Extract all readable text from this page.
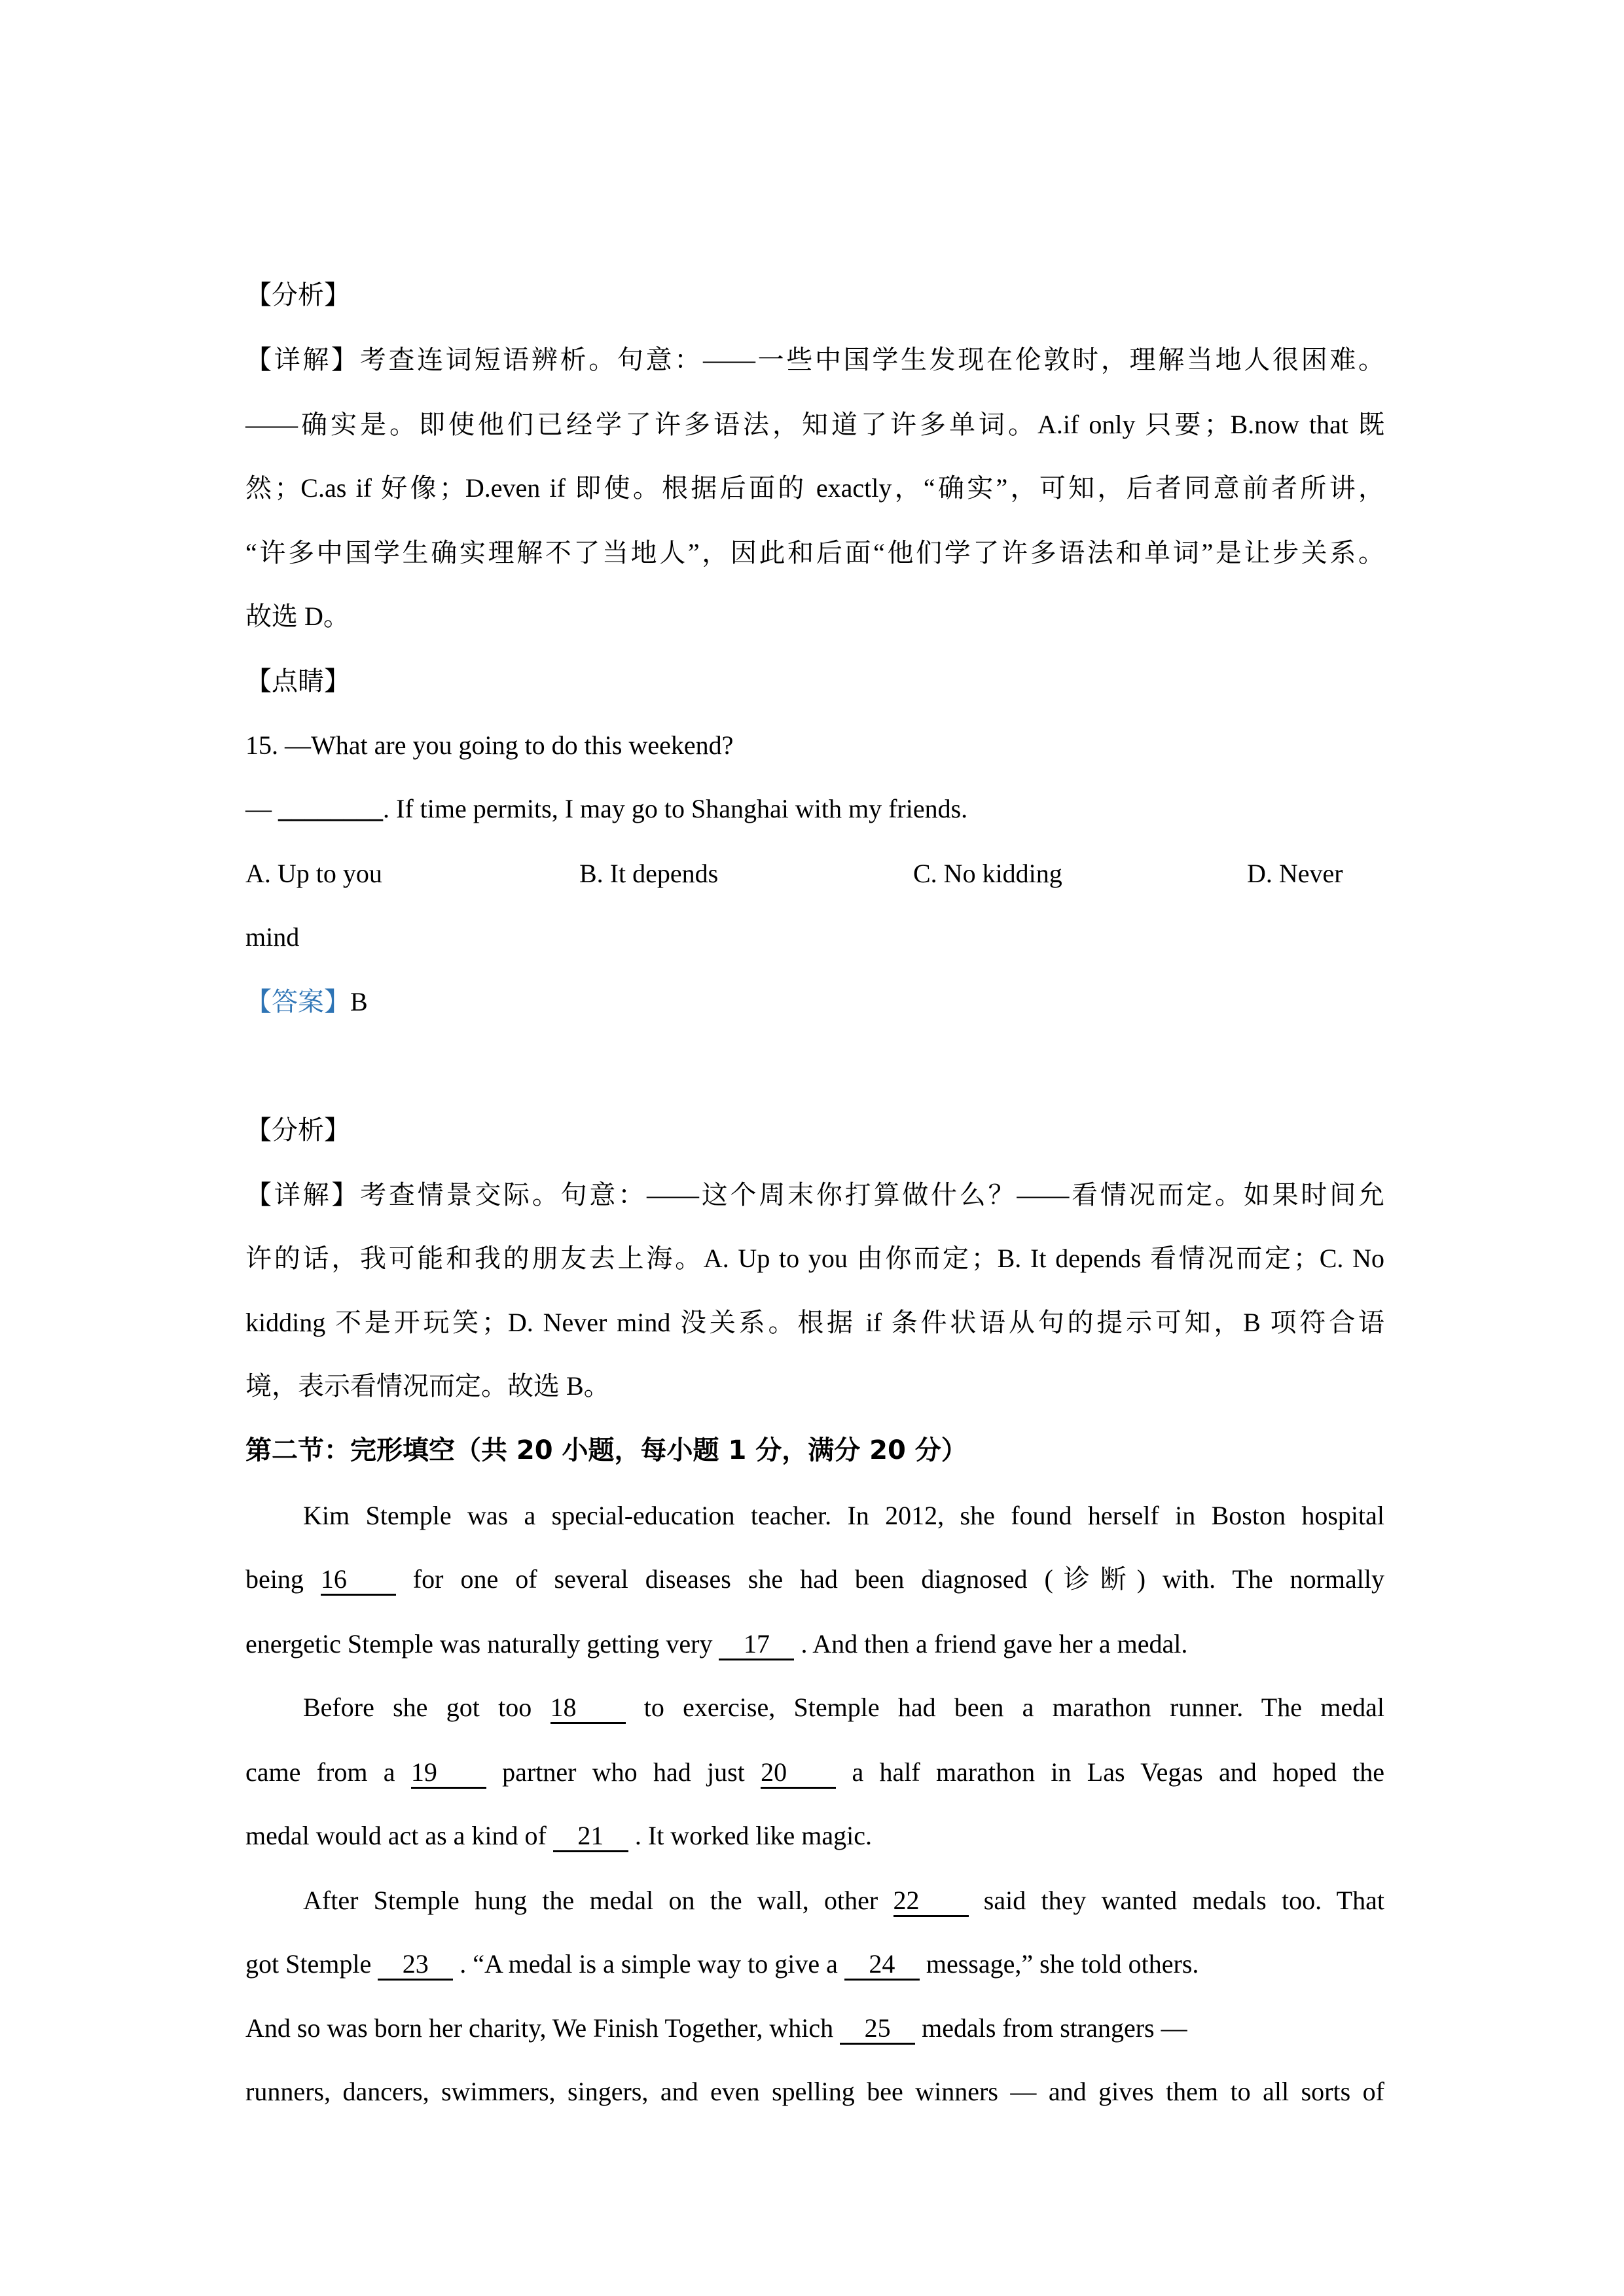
【分析】
【详解】考查连词短语辨析。句意：——一些中国学生发现在伦敦时，理解当地人很困难。
——确实是。即使他们已经学了许多语法，知道了许多单词。A.if only 只要；B.now that 既
然；C.as if 好像；D.even if 即使。根据后面的 exactly，“确实”，可知，后者同意前者所讲，
“许多中国学生确实理解不了当地人”，因此和后面“他们学了许多语法和单词”是让步关系。
故选 D。
【点睛】
15. —What are you going to do this weekend?
— ________. If time permits, I may go to Shanghai with my friends.
A. Up to you	B. It depends	C. No kidding	D. Never
mind
【答案】B
【分析】
【详解】考查情景交际。句意：——这个周末你打算做什么？——看情况而定。如果时间允
许的话，我可能和我的朋友去上海。A. Up to you 由你而定；B. It depends 看情况而定；C. No
kidding 不是开玩笑；D. Never mind 没关系。根据 if 条件状语从句的提示可知，B 项符合语
境，表示看情况而定。故选 B。
第二节：完形填空（共 20 小题，每小题 1 分，满分 20 分）
Kim Stemple was a special-education teacher. In 2012, she found herself in Boston hospital
being 16 for one of several diseases she had been diagnosed (诊断) with. The normally
energetic Stemple was naturally getting very 17 . And then a friend gave her a medal.
Before she got too 18 to exercise, Stemple had been a marathon runner. The medal
came from a 19 partner who had just 20 a half marathon in Las Vegas and hoped the
medal would act as a kind of 21 . It worked like magic.
After Stemple hung the medal on the wall, other 22 said they wanted medals too. That
got Stemple 23 . “A medal is a simple way to give a 24 message,” she told others.
And so was born her charity, We Finish Together, which 25 medals from strangers —
runners, dancers, swimmers, singers, and even spelling bee winners — and gives them to all sorts of
